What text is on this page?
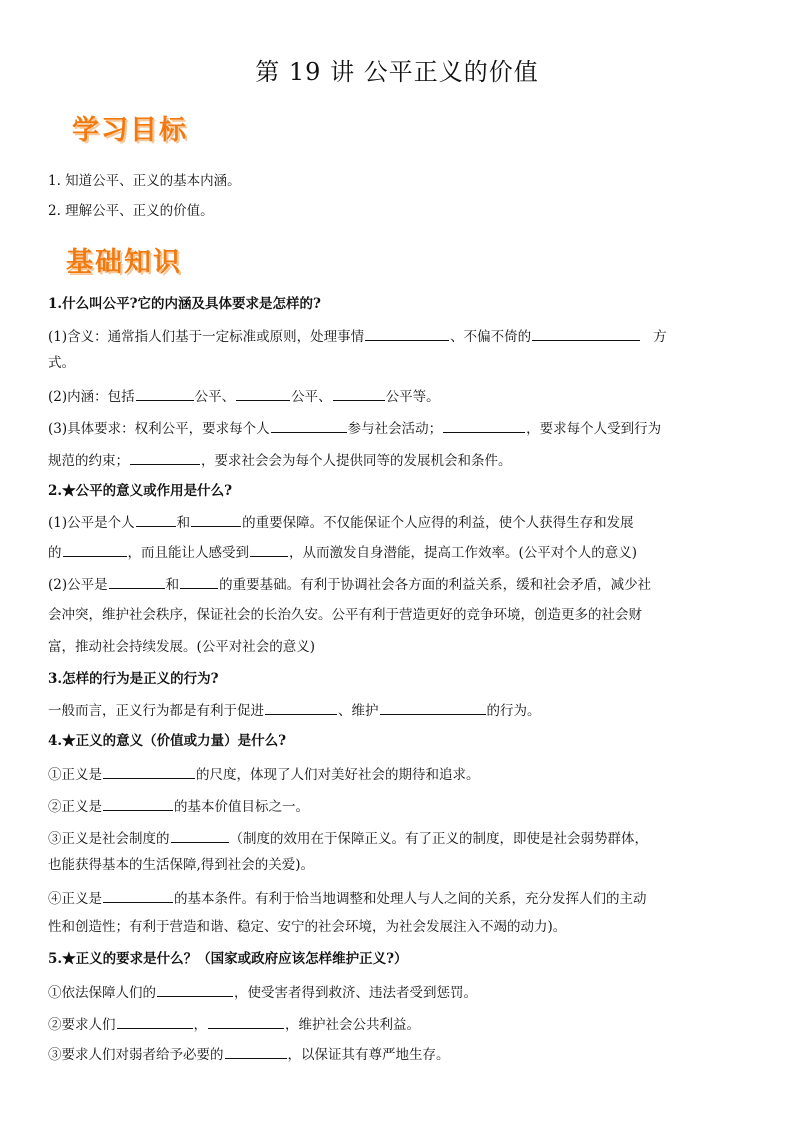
第 19 讲 公平正义的价值
学习目标
1. 知道公平、正义的基本内涵。
2. 理解公平、正义的价值。
基础知识
1.什么叫公平?它的内涵及具体要求是怎样的?
(1)含义：通常指人们基于一定标准或原则，处理事情	、不偏不倚的	方
式。
(2)内涵：包括	公平、	公平、	公平等。
(3)具体要求：权利公平，要求每个人	参与社会活动；	，要求每个人受到行为
规范的约束；	，要求社会会为每个人提供同等的发展机会和条件。
2.★公平的意义或作用是什么?
(1)公平是个人	和	的重要保障。不仅能保证个人应得的利益，使个人获得生存和发展
的	，而且能让人感受到	，从而激发自身潜能，提高工作效率。(公平对个人的意义)
(2)公平是	和	的重要基础。有利于协调社会各方面的利益关系，缓和社会矛盾，减少社
会冲突，维护社会秩序，保证社会的长治久安。公平有利于营造更好的竞争环境，创造更多的社会财
富，推动社会持续发展。(公平对社会的意义)
3.怎样的行为是正义的行为?
一般而言，正义行为都是有利于促进	、维护	的行为。
4.★正义的意义（价值或力量）是什么?
①正义是	的尺度，体现了人们对美好社会的期待和追求。
②正义是	的基本价值目标之一。
③正义是社会制度的	（制度的效用在于保障正义。有了正义的制度，即使是社会弱势群体，
也能获得基本的生活保障,得到社会的关爱)。
④正义是	的基本条件。有利于恰当地调整和处理人与人之间的关系，充分发挥人们的主动
性和创造性；有利于营造和谐、稳定、安宁的社会环境，为社会发展注入不竭的动力)。
5.★正义的要求是什么？（国家或政府应该怎样维护正义?）
①依法保障人们的	，使受害者得到救济、违法者受到惩罚。
②要求人们	，	，维护社会公共利益。
③要求人们对弱者给予必要的	，以保证其有尊严地生存。
